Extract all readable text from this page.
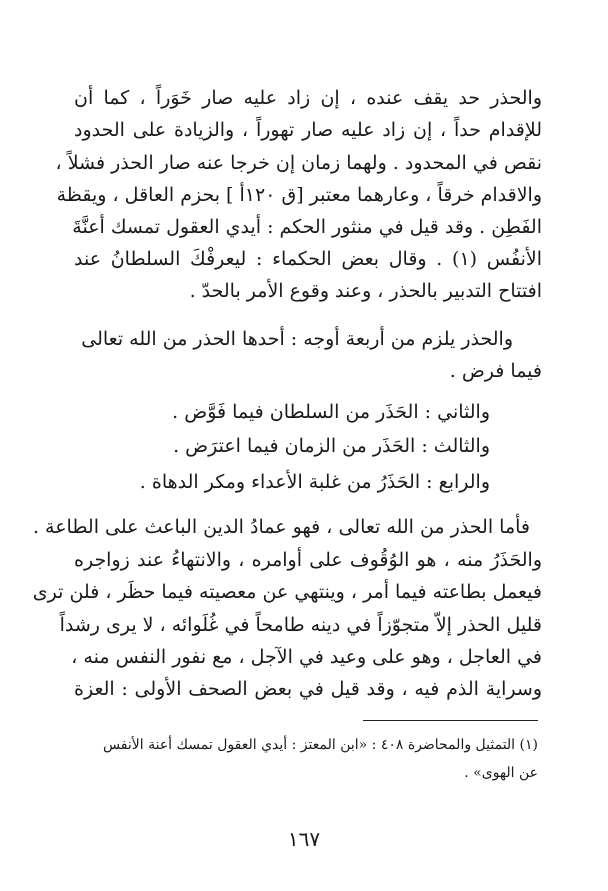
والحذر حد يقف عنده ، إن زاد عليه صار خَوَراً ، كما أن
للإقدام حداً ، إن زاد عليه صار تهوراً ، والزيادة على الحدود
نقص في المحدود . ولهما زمان إن خرجا عنه صار الحذر فشلاً ،
والاقدام خرقاً ، وعارهما معتبر [ق ١٢٠أ ] بحزم العاقل ، ويقظة
الفَطِن . وقد قيل في منثور الحكم : أيدي العقول تمسك أعنَّةَ
الأنفُس (١) . وقال بعض الحكماء : ليعرفْكَ السلطانُ عند
افتتاح التدبير بالحذر ، وعند وقوع الأمر بالحدّ .
والحذر يلزم من أربعة أوجه : أحدها الحذر من الله تعالى
فيما فرض .
والثاني : الحَذَر من السلطان فيما فَوَّض .
والثالث : الحَذَر من الزمان فيما اعترَض .
والرابع : الحَذَرُ من غلبة الأعداء ومكر الدهاة .
فأما الحذر من الله تعالى ، فهو عمادُ الدين الباعث على الطاعة .
والحَذَرُ منه ، هو الوُقُوف على أوامره ، والانتهاءُ عند زواجره
فيعمل بطاعته فيما أمر ، وينتهي عن معصيته فيما حظَر ، فلن ترى
قليل الحذر إلاّ متجوّزاً في دينه طامحاً في غُلَوائه ، لا يرى رشداً
في العاجل ، وهو على وعيد في الآجل ، مع نفور النفس منه ،
وسراية الذم فيه ، وقد قيل في بعض الصحف الأولى : العزة
(١) التمثيل والمحاضرة ٤٠٨ : «ابن المعتز : أيدي العقول تمسك أعنة الأنفس
عن الهوى» .
١٦٧
